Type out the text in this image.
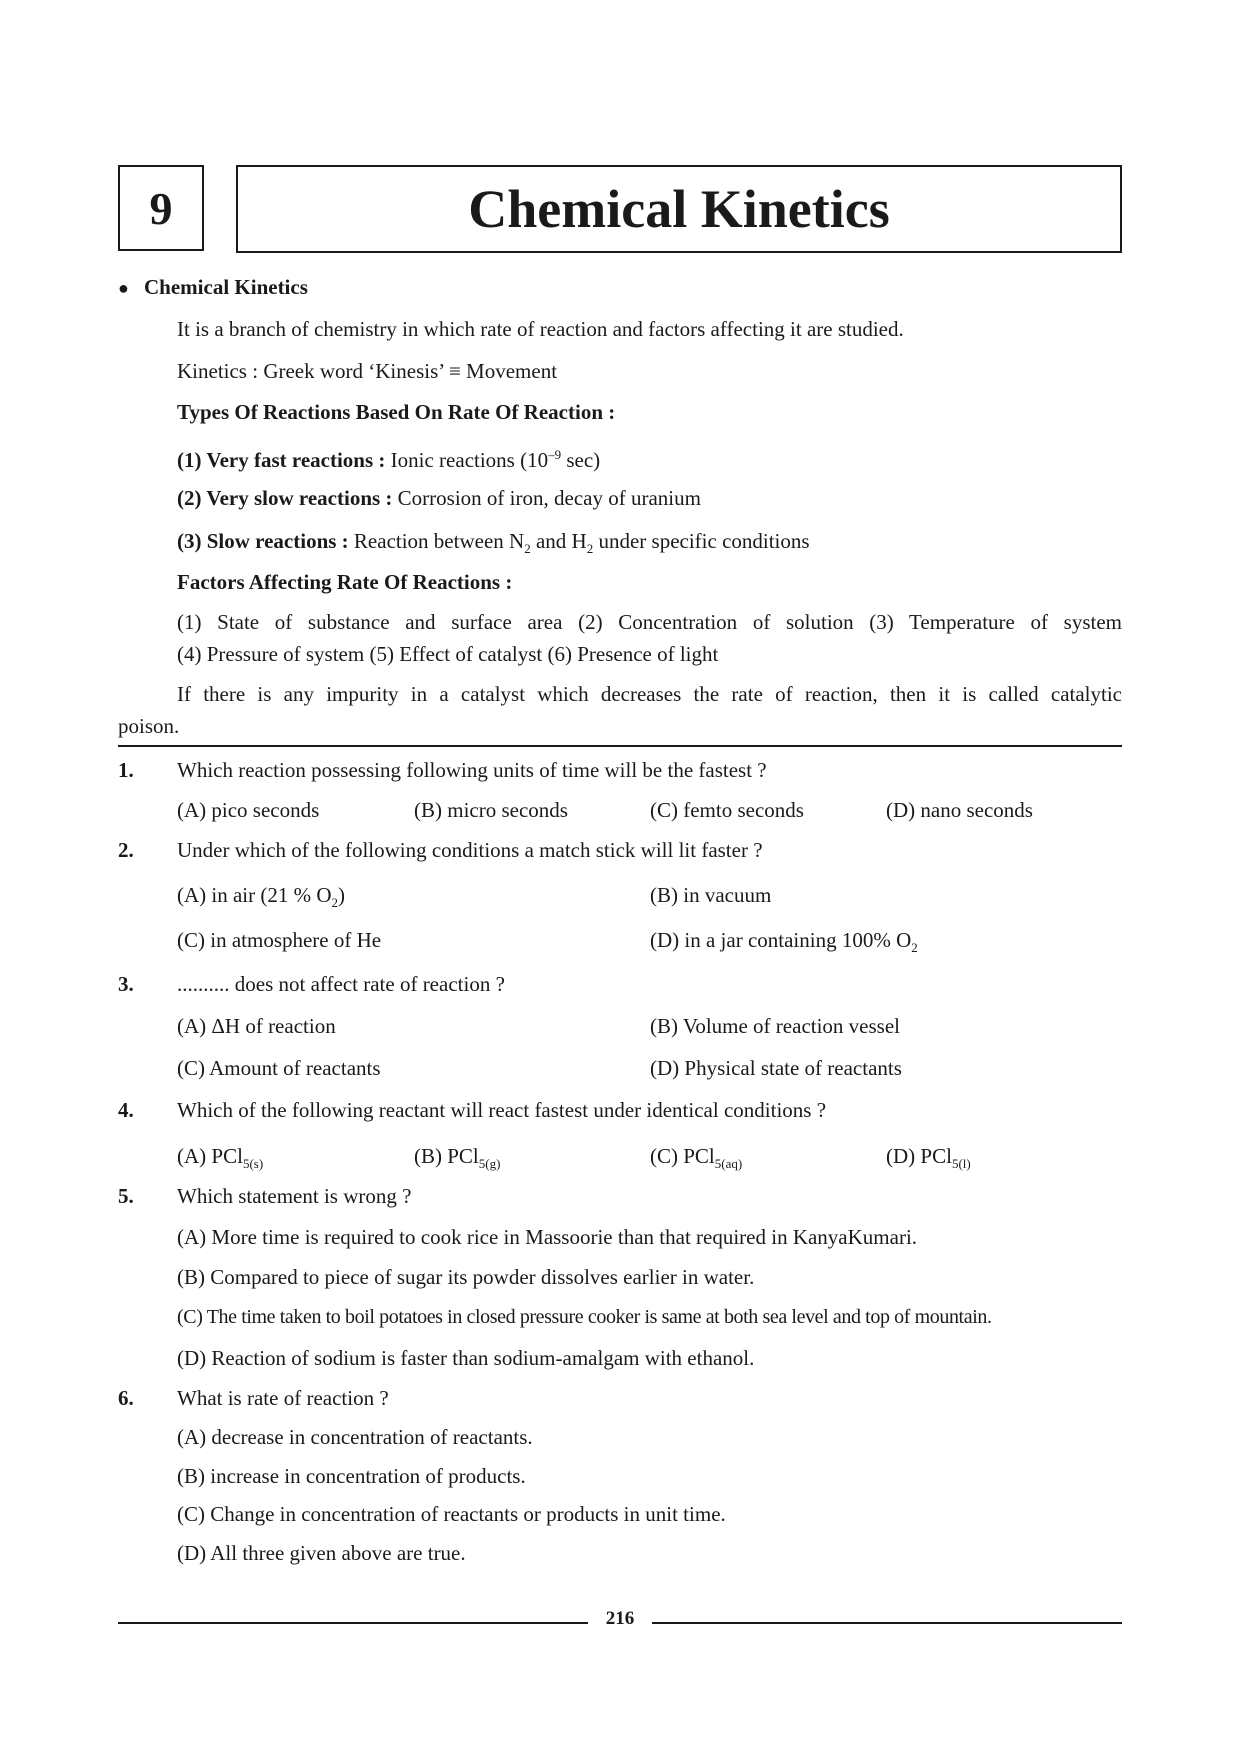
9	Chemical Kinetics
● Chemical Kinetics
It is a branch of chemistry in which rate of reaction and factors affecting it are studied.
Kinetics : Greek word ‘Kinesis’ ≡ Movement
Types Of Reactions Based On Rate Of Reaction :
(1) Very fast reactions : Ionic reactions ($10^{-9}$ sec)
(2) Very slow reactions : Corrosion of iron, decay of uranium
(3) Slow reactions : Reaction between $N_2$ and $H_2$ under specific conditions
Factors Affecting Rate Of Reactions :
(1) State of substance and surface area (2) Concentration of solution (3) Temperature of system
(4) Pressure of system (5) Effect of catalyst (6) Presence of light
If there is any impurity in a catalyst which decreases the rate of reaction, then it is called catalytic
poison.
1. Which reaction possessing following units of time will be the fastest ?
(A) pico seconds	(B) micro seconds	(C) femto seconds	(D) nano seconds
2. Under which of the following conditions a match stick will lit faster ?
(A) in air (21 % $O_2$)	(B) in vacuum
(C) in atmosphere of He	(D) in a jar containing 100% $O_2$
3. .......... does not affect rate of reaction ?
(A) ΔH of reaction	(B) Volume of reaction vessel
(C) Amount of reactants	(D) Physical state of reactants
4. Which of the following reactant will react fastest under identical conditions ?
(A) PCl$_{5(s)}$	(B) PCl$_{5(g)}$	(C) PCl$_{5(aq)}$	(D) PCl$_{5(l)}$
5. Which statement is wrong ?
(A) More time is required to cook rice in Massoorie than that required in KanyaKumari.
(B) Compared to piece of sugar its powder dissolves earlier in water.
(C) The time taken to boil potatoes in closed pressure cooker is same at both sea level and top of mountain.
(D) Reaction of sodium is faster than sodium-amalgam with ethanol.
6. What is rate of reaction ?
(A) decrease in concentration of reactants.
(B) increase in concentration of products.
(C) Change in concentration of reactants or products in unit time.
(D) All three given above are true.
216
